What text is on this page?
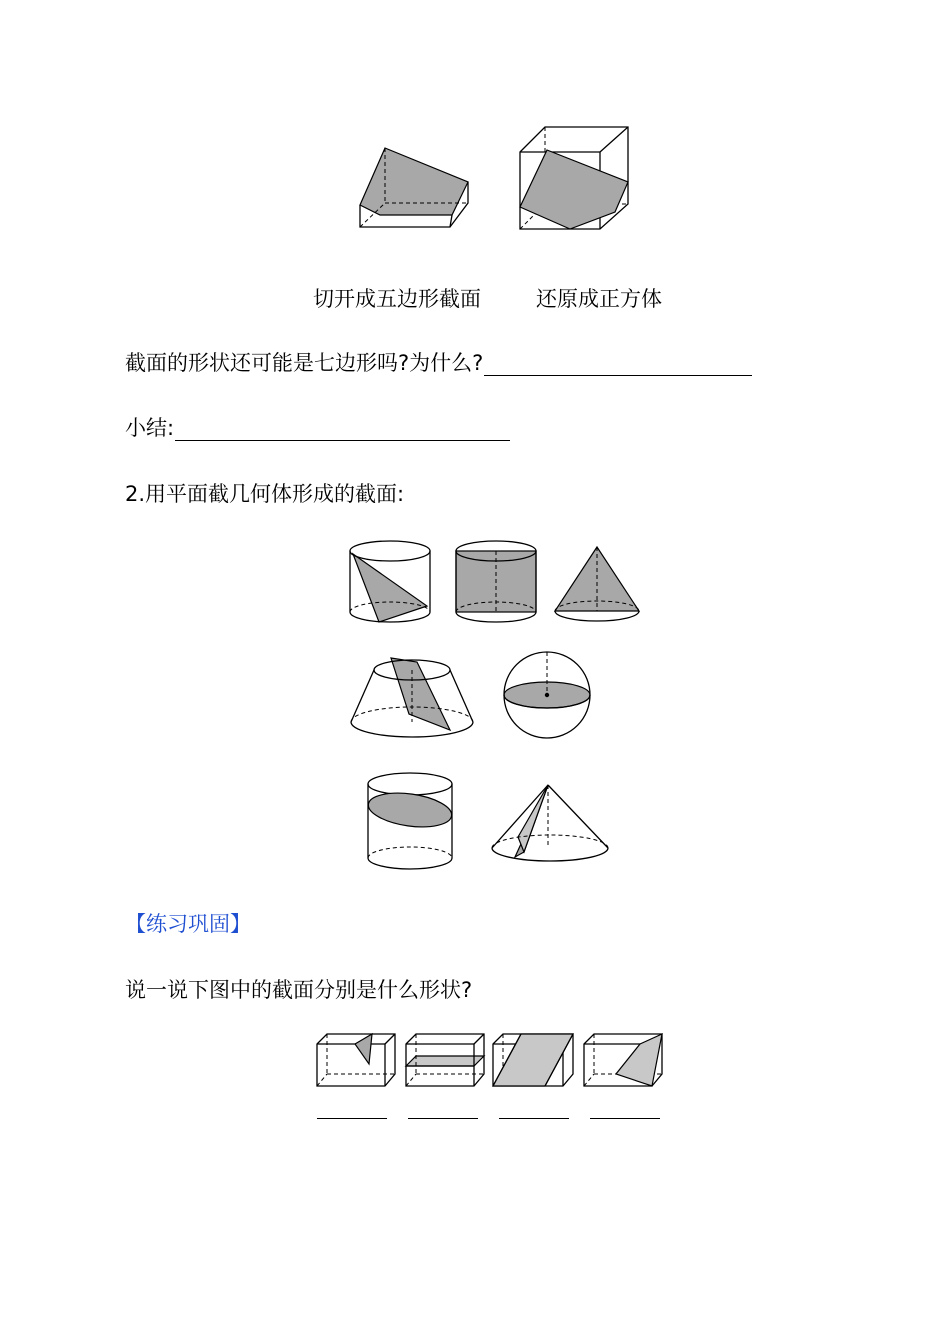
切开成五边形截面	还原成正方体
截面的形状还可能是七边形吗?为什么?
小结:
2.用平面截几何体形成的截面:
【练习巩固】
说一说下图中的截面分别是什么形状?
